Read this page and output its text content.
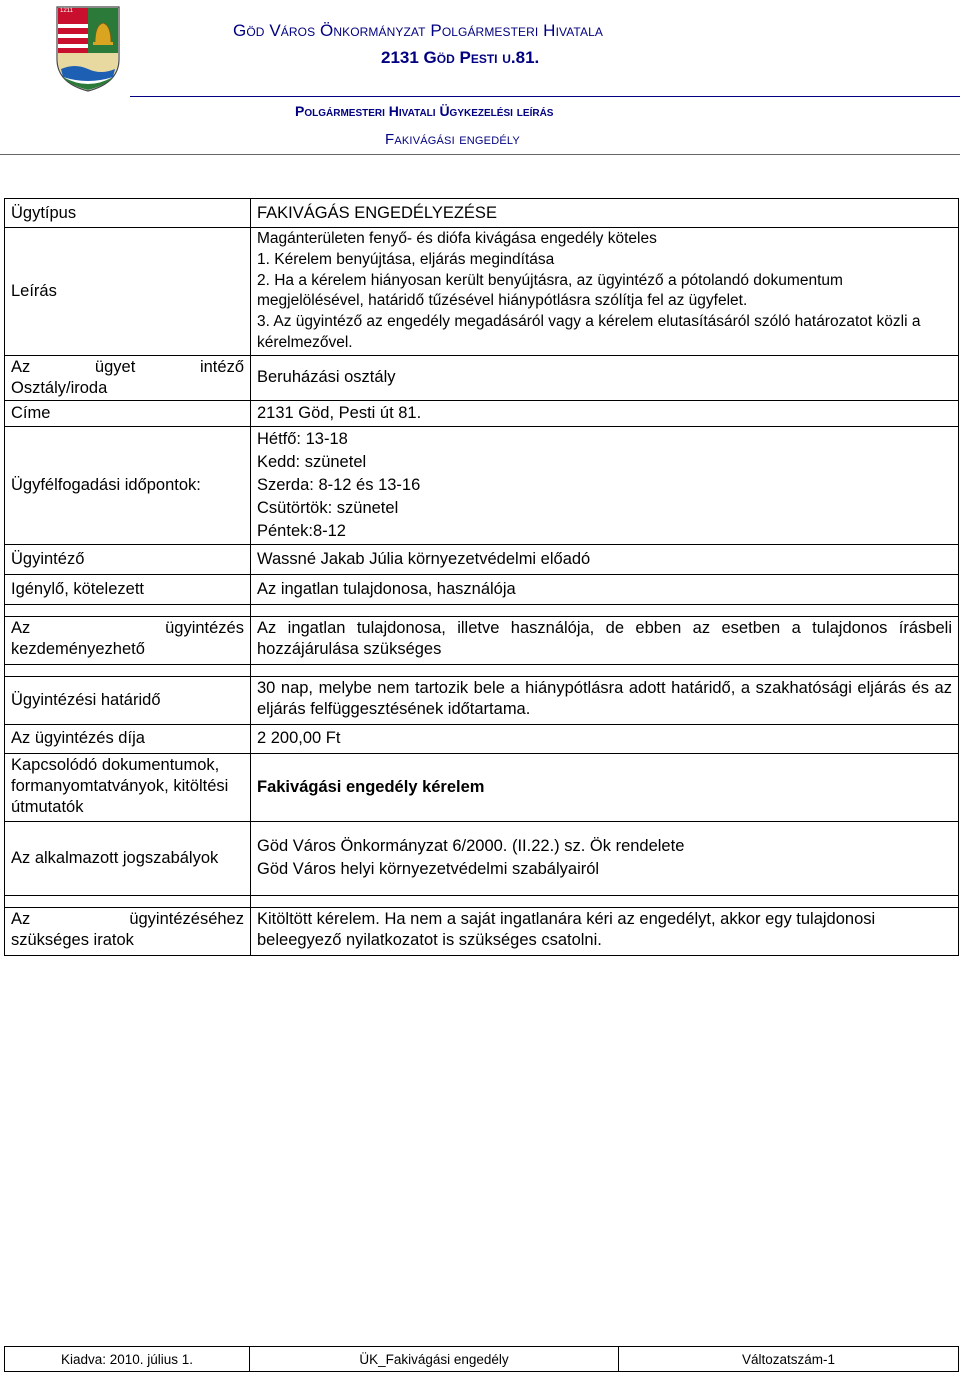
1211
Göd Város Önkormányzat Polgármesteri Hivatala
2131 Göd Pesti u.81.
Polgármesteri Hivatali Ügykezelési leírás
Fakivágási engedély
Ügytípus	FAKIVÁGÁS ENGEDÉLYEZÉSE
Leírás	Magánterületen fenyő- és diófa kivágása engedély köteles
1. Kérelem benyújtása, eljárás megindítása
2. Ha a kérelem hiányosan került benyújtásra, az ügyintéző a pótolandó dokumentum megjelölésével, határidő tűzésével hiánypótlásra szólítja fel az ügyfelet.
3. Az ügyintéző az engedély megadásáról vagy a kérelem elutasításáról szóló határozatot közli a kérelmezővel.

Az ügyet intéző
Osztály/iroda	Beruházási osztály
Címe	2131 Göd, Pesti út 81.
Ügyfélfogadási időpontok:	Hétfő: 13-18
Kedd: szünetel
Szerda: 8-12 és 13-16
Csütörtök: szünetel
Péntek:8-12

Ügyintéző	Wassné Jakab Júlia környezetvédelmi előadó
Igénylő, kötelezett	Az ingatlan tulajdonosa, használója

Az ügyintézés
kezdeményezhető	Az ingatlan tulajdonosa, illetve használója, de ebben az esetben a tulajdonos írásbeli hozzájárulása szükséges

Ügyintézési határidő	30 nap, melybe nem tartozik bele a hiánypótlásra adott határidő, a szakhatósági eljárás és az eljárás felfüggesztésének időtartama.
Az ügyintézés díja	2 200,00 Ft
Kapcsolódó dokumentumok, formanyomtatványok, kitöltési útmutatók	Fakivágási engedély kérelem
Az alkalmazott jogszabályok	Göd Város Önkormányzat 6/2000. (II.22.) sz. Ök rendelete
Göd Város helyi környezetvédelmi szabályairól

Az ügyintézéséhez
szükséges iratok	Kitöltött kérelem. Ha nem a saját ingatlanára kéri az engedélyt, akkor egy tulajdonosi beleegyező nyilatkozatot is szükséges csatolni.
Kiadva: 2010. július 1.	ÜK_Fakivágási engedély	Változatszám-1
